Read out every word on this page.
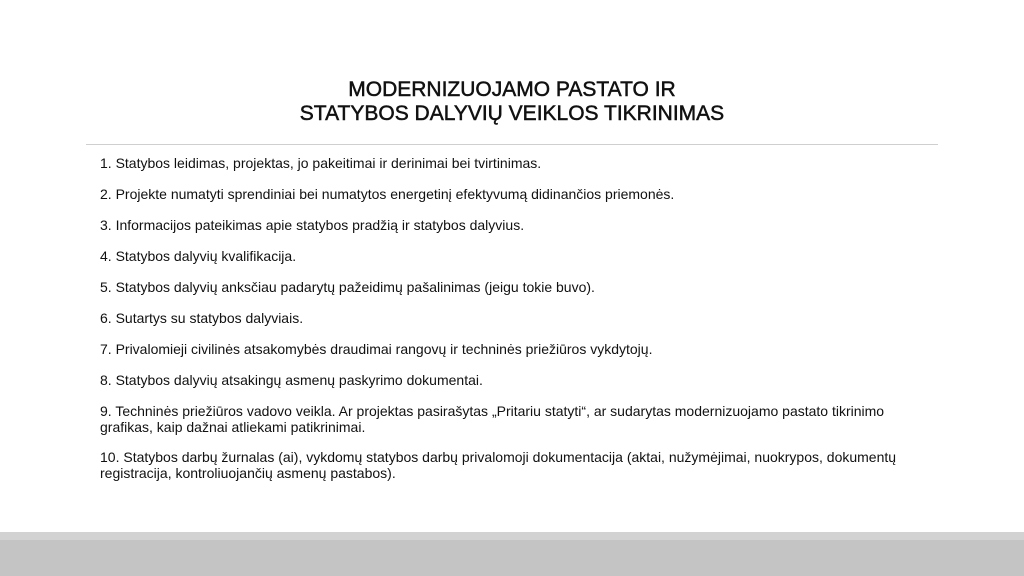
MODERNIZUOJAMO PASTATO IR
STATYBOS DALYVIŲ VEIKLOS TIKRINIMAS
1. Statybos leidimas, projektas, jo pakeitimai ir derinimai bei tvirtinimas.
2. Projekte numatyti sprendiniai bei numatytos energetinį efektyvumą didinančios priemonės.
3. Informacijos pateikimas apie statybos pradžią ir statybos dalyvius.
4. Statybos dalyvių kvalifikacija.
5. Statybos dalyvių anksčiau padarytų pažeidimų pašalinimas (jeigu tokie buvo).
6. Sutartys su statybos dalyviais.
7. Privalomieji civilinės atsakomybės draudimai rangovų ir techninės priežiūros vykdytojų.
8. Statybos dalyvių atsakingų asmenų paskyrimo dokumentai.
9. Techninės priežiūros vadovo veikla. Ar projektas pasirašytas „Pritariu statyti“, ar sudarytas modernizuojamo pastato tikrinimo grafikas, kaip dažnai atliekami patikrinimai.
10. Statybos darbų žurnalas (ai), vykdomų statybos darbų privalomoji dokumentacija (aktai, nužymėjimai, nuokrypos, dokumentų registracija, kontroliuojančių asmenų pastabos).
